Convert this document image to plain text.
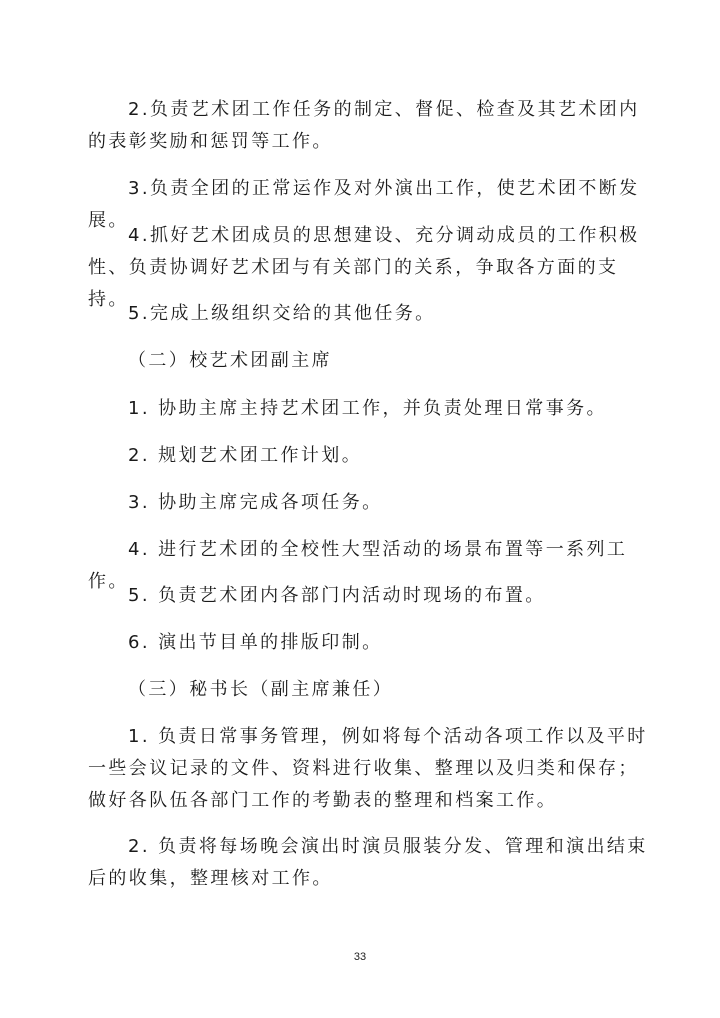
2.负责艺术团工作任务的制定、督促、检查及其艺术团内的表彰奖励和惩罚等工作。

3.负责全团的正常运作及对外演出工作，使艺术团不断发展。

4.抓好艺术团成员的思想建设、充分调动成员的工作积极性、负责协调好艺术团与有关部门的关系，争取各方面的支持。

5.完成上级组织交给的其他任务。

（二）校艺术团副主席

1. 协助主席主持艺术团工作，并负责处理日常事务。

2. 规划艺术团工作计划。

3. 协助主席完成各项任务。

4. 进行艺术团的全校性大型活动的场景布置等一系列工作。

5. 负责艺术团内各部门内活动时现场的布置。

6. 演出节目单的排版印制。

（三）秘书长（副主席兼任）

1. 负责日常事务管理，例如将每个活动各项工作以及平时一些会议记录的文件、资料进行收集、整理以及归类和保存；做好各队伍各部门工作的考勤表的整理和档案工作。

2. 负责将每场晚会演出时演员服装分发、管理和演出结束后的收集，整理核对工作。

33
